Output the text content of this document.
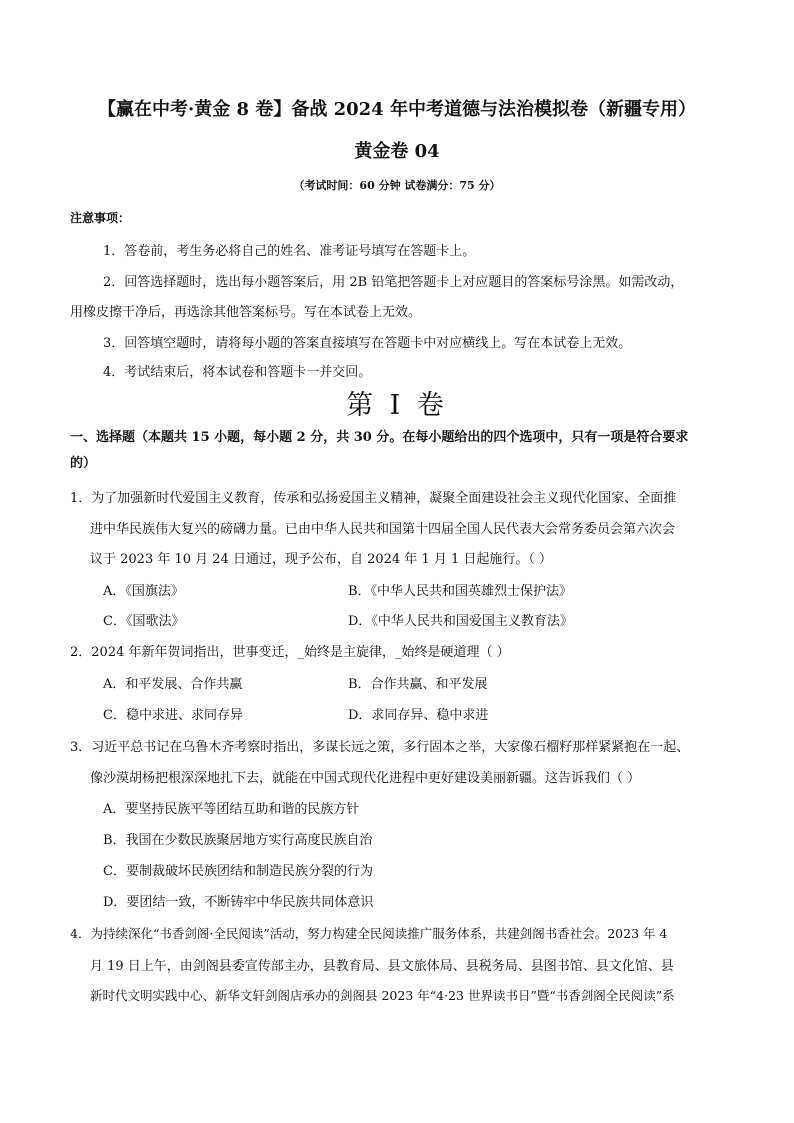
【赢在中考·黄金 8 卷】备战 2024 年中考道德与法治模拟卷（新疆专用）
黄金卷 04
（考试时间：60 分钟 试卷满分：75 分）
注意事项：
1．答卷前，考生务必将自己的姓名、准考证号填写在答题卡上。
2．回答选择题时，选出每小题答案后，用 2B 铅笔把答题卡上对应题目的答案标号涂黑。如需改动，
用橡皮擦干净后，再选涂其他答案标号。写在本试卷上无效。
3．回答填空题时，请将每小题的答案直接填写在答题卡中对应横线上。写在本试卷上无效。
4．考试结束后，将本试卷和答题卡一并交回。
第 I 卷
一、选择题（本题共 15 小题，每小题 2 分，共 30 分。在每小题给出的四个选项中，只有一项是符合要求
的）
1．为了加强新时代爱国主义教育，传承和弘扬爱国主义精神，凝聚全面建设社会主义现代化国家、全面推
进中华民族伟大复兴的磅礴力量。已由中华人民共和国第十四届全国人民代表大会常务委员会第六次会
议于 2023 年 10 月 24 日通过，现予公布，自 2024 年 1 月 1 日起施行。（ ）
A．《国旗法》	B．《中华人民共和国英雄烈士保护法》
C．《国歌法》	D．《中华人民共和国爱国主义教育法》
2．2024 年新年贺词指出，世事变迁，_始终是主旋律，_始终是硬道理（ ）
A．和平发展、合作共赢	B．合作共赢、和平发展
C．稳中求进、求同存异	D．求同存异、稳中求进
3．习近平总书记在乌鲁木齐考察时指出，多谋长远之策，多行固本之举，大家像石榴籽那样紧紧抱在一起、
像沙漠胡杨把根深深地扎下去，就能在中国式现代化进程中更好建设美丽新疆。这告诉我们（ ）
A．要坚持民族平等团结互助和谐的民族方针
B．我国在少数民族聚居地方实行高度民族自治
C．要制裁破坏民族团结和制造民族分裂的行为
D．要团结一致，不断铸牢中华民族共同体意识
4．为持续深化“书香剑阁·全民阅读”活动，努力构建全民阅读推广服务体系，共建剑阁书香社会。2023 年 4
月 19 日上午，由剑阁县委宣传部主办，县教育局、县文旅体局、县税务局、县图书馆、县文化馆、县
新时代文明实践中心、新华文轩剑阁店承办的剑阁县 2023 年“4·23 世界读书日”暨“书香剑阁全民阅读”系
